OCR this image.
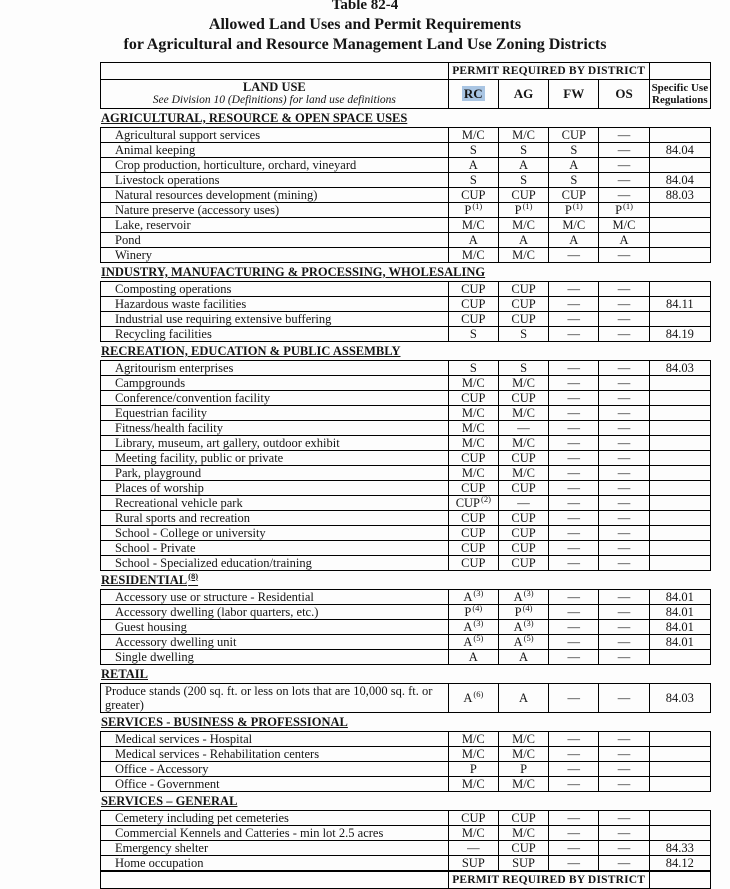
Table 82-4
Allowed Land Uses and Permit Requirements
for Agricultural and Resource Management Land Use Zoning Districts
	PERMIT REQUIRED BY DISTRICT				

LAND USE
See Division 10 (Definitions) for land use definitions	RC	AG	FW	OS	Specific Use
Regulations
AGRICULTURAL, RESOURCE & OPEN SPACE USES
Agricultural support services	M/C	M/C	CUP	—	
Animal keeping	S	S	S	—	84.04
Crop production, horticulture, orchard, vineyard	A	A	A	—	
Livestock operations	S	S	S	—	84.04
Natural resources development (mining)	CUP	CUP	CUP	—	88.03
Nature preserve (accessory uses)	$P^{(1)}$	$P^{(1)}$	$P^{(1)}$	$P^{(1)}$	
Lake, reservoir	M/C	M/C	M/C	M/C	
Pond	A	A	A	A	
Winery	M/C	M/C	—	—	
INDUSTRY, MANUFACTURING & PROCESSING, WHOLESALING
Composting operations	CUP	CUP	—	—	
Hazardous waste facilities	CUP	CUP	—	—	84.11
Industrial use requiring extensive buffering	CUP	CUP	—	—	
Recycling facilities	S	S	—	—	84.19
RECREATION, EDUCATION & PUBLIC ASSEMBLY
Agritourism enterprises	S	S	—	—	84.03
Campgrounds	M/C	M/C	—	—	
Conference/convention facility	CUP	CUP	—	—	
Equestrian facility	M/C	M/C	—	—	
Fitness/health facility	M/C	—	—	—	
Library, museum, art gallery, outdoor exhibit	M/C	M/C	—	—	
Meeting facility, public or private	CUP	CUP	—	—	
Park, playground	M/C	M/C	—	—	
Places of worship	CUP	CUP	—	—	
Recreational vehicle park	CUP$^{(2)}$	—	—	—	
Rural sports and recreation	CUP	CUP	—	—	
School - College or university	CUP	CUP	—	—	
School - Private	CUP	CUP	—	—	
School - Specialized education/training	CUP	CUP	—	—	
RESIDENTIAL$^{(8)}$
Accessory use or structure - Residential	$A^{(3)}$	$A^{(3)}$	—	—	84.01
Accessory dwelling (labor quarters, etc.)	$P^{(4)}$	$P^{(4)}$	—	—	84.01
Guest housing	$A^{(3)}$	$A^{(3)}$	—	—	84.01
Accessory dwelling unit	$A^{(5)}$	$A^{(5)}$	—	—	84.01
Single dwelling	A	A	—	—	
RETAIL
Produce stands (200 sq. ft. or less on lots that are 10,000 sq. ft. or greater)	$A^{(6)}$	A	—	—	84.03
SERVICES - BUSINESS & PROFESSIONAL
Medical services - Hospital	M/C	M/C	—	—	
Medical services - Rehabilitation centers	M/C	M/C	—	—	
Office - Accessory	P	P	—	—	
Office - Government	M/C	M/C	—	—	
SERVICES – GENERAL
Cemetery including pet cemeteries	CUP	CUP	—	—	
Commercial Kennels and Catteries - min lot 2.5 acres	M/C	M/C	—	—	
Emergency shelter	—	CUP	—	—	84.33
Home occupation	SUP	SUP	—	—	84.12
	PERMIT REQUIRED BY DISTRICT	
